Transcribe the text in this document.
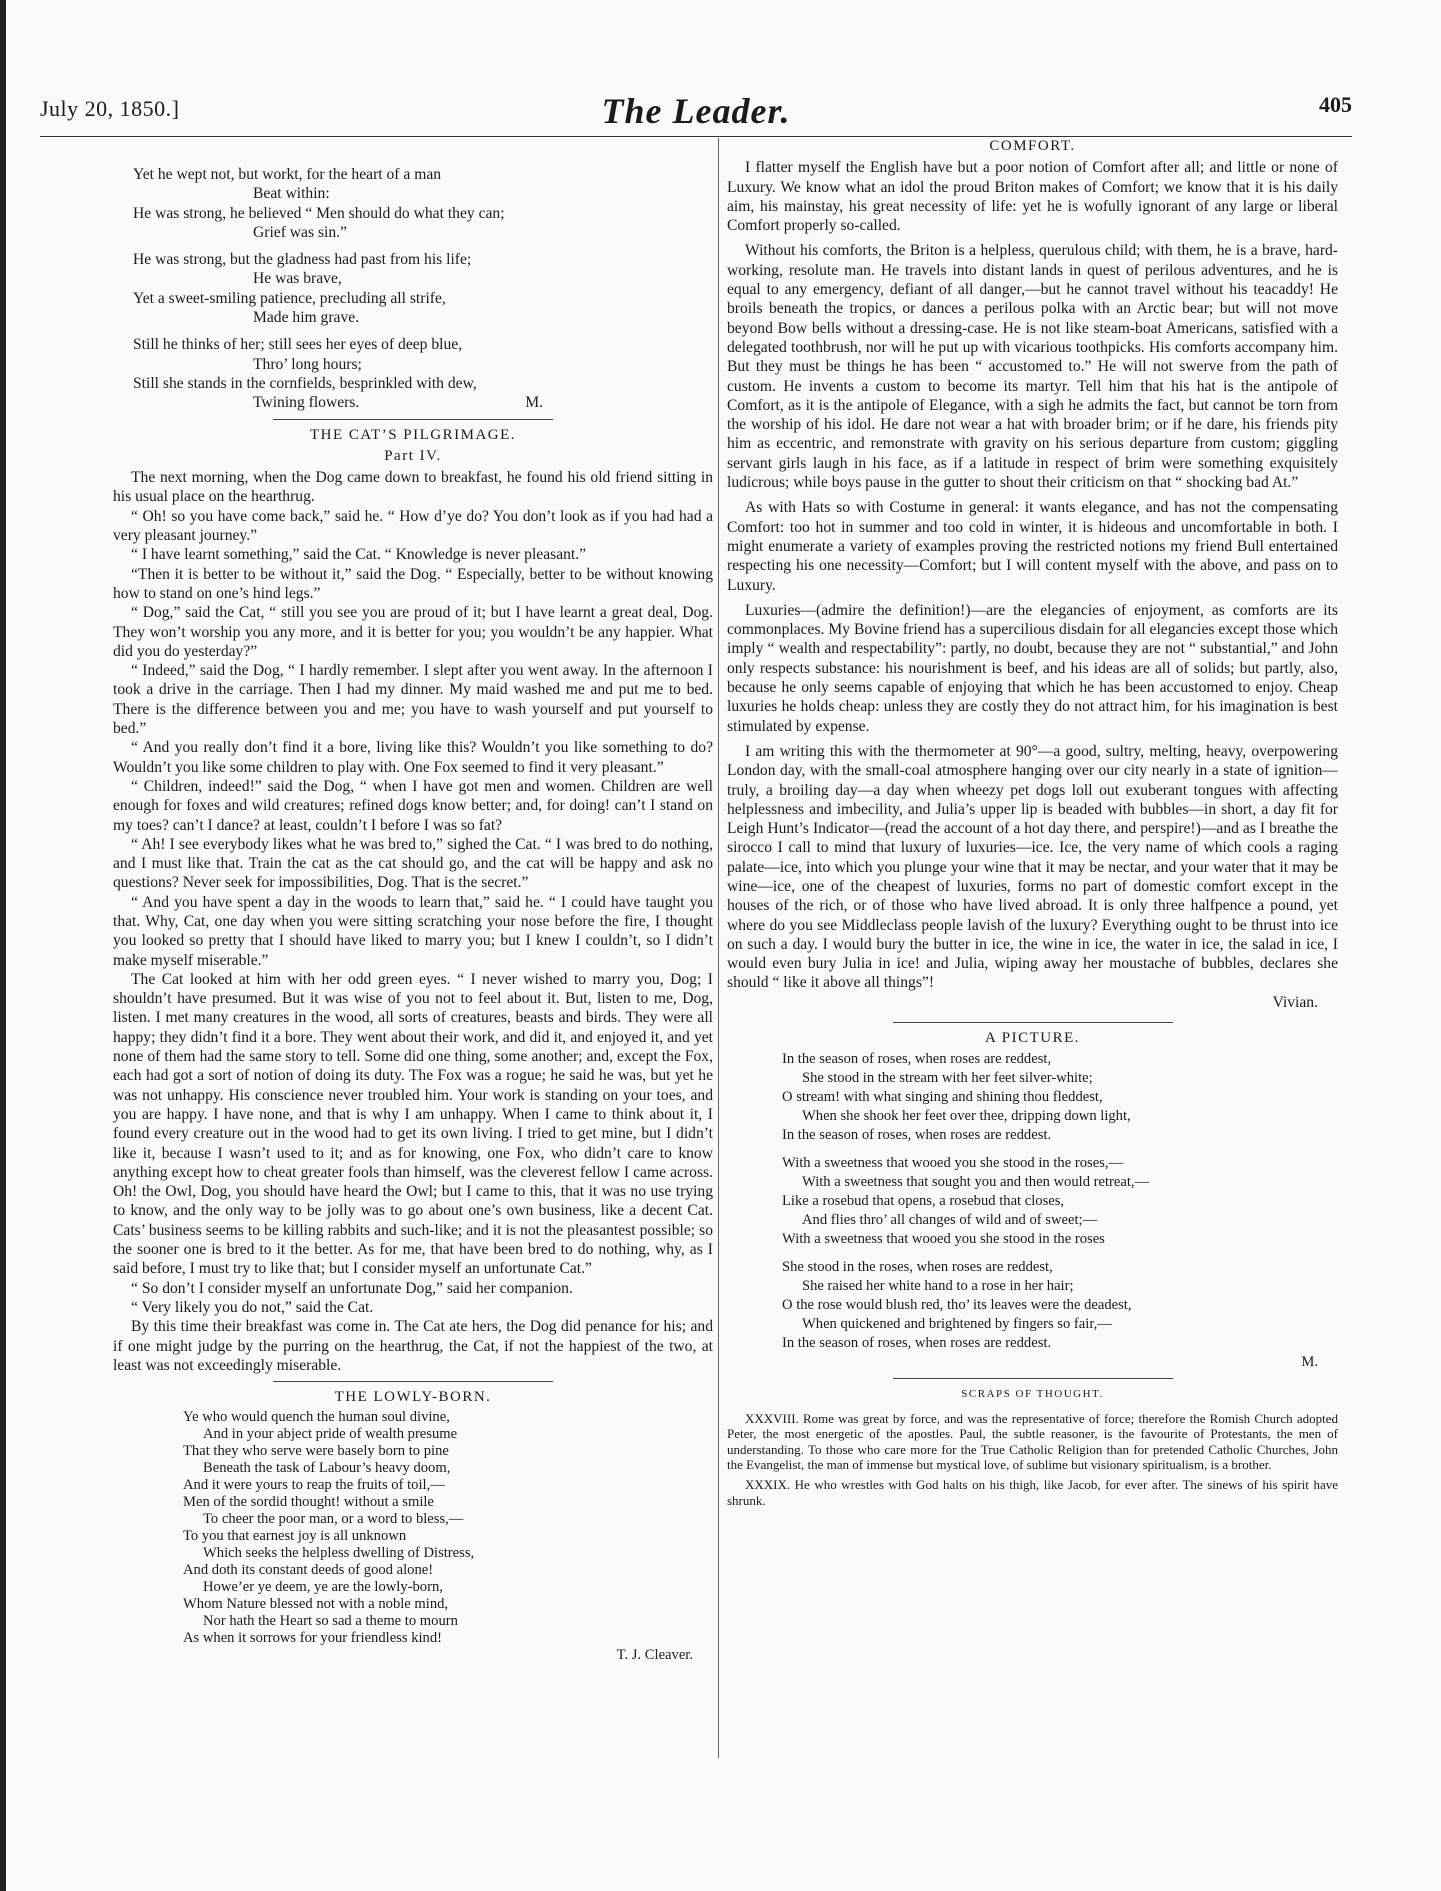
July 20, 1850.]	The Leader.	405
Yet he wept not, but workt, for the heart of a man
Beat within:
He was strong, he believed “ Men should do what they can;
Grief was sin.”
He was strong, but the gladness had past from his life;
He was brave,
Yet a sweet-smiling patience, precluding all strife,
Made him grave.
Still he thinks of her; still sees her eyes of deep blue,
Thro’ long hours;
Still she stands in the cornfields, besprinkled with dew,
Twining flowers.	M.
THE CAT’S PILGRIMAGE.
Part IV.

The next morning, when the Dog came down to breakfast, he found his old friend sitting in his usual place on the hearthrug.

“ Oh! so you have come back,” said he. “ How d’ye do? You don’t look as if you had had a very pleasant journey.”

“ I have learnt something,” said the Cat. “ Knowledge is never pleasant.”

“Then it is better to be without it,” said the Dog. “ Especially, better to be without knowing how to stand on one’s hind legs.”

“ Dog,” said the Cat, “ still you see you are proud of it; but I have learnt a great deal, Dog. They won’t worship you any more, and it is better for you; you wouldn’t be any happier. What did you do yesterday?”

“ Indeed,” said the Dog, “ I hardly remember. I slept after you went away. In the afternoon I took a drive in the carriage. Then I had my dinner. My maid washed me and put me to bed. There is the difference between you and me; you have to wash yourself and put yourself to bed.”

“ And you really don’t find it a bore, living like this? Wouldn’t you like something to do? Wouldn’t you like some children to play with. One Fox seemed to find it very pleasant.”

“ Children, indeed!” said the Dog, “ when I have got men and women. Children are well enough for foxes and wild creatures; refined dogs know better; and, for doing! can’t I stand on my toes? can’t I dance? at least, couldn’t I before I was so fat?

“ Ah! I see everybody likes what he was bred to,” sighed the Cat. “ I was bred to do nothing, and I must like that. Train the cat as the cat should go, and the cat will be happy and ask no questions? Never seek for impossibilities, Dog. That is the secret.”

“ And you have spent a day in the woods to learn that,” said he. “ I could have taught you that. Why, Cat, one day when you were sitting scratching your nose before the fire, I thought you looked so pretty that I should have liked to marry you; but I knew I couldn’t, so I didn’t make myself miserable.”

The Cat looked at him with her odd green eyes. “ I never wished to marry you, Dog; I shouldn’t have presumed. But it was wise of you not to feel about it. But, listen to me, Dog, listen. I met many creatures in the wood, all sorts of creatures, beasts and birds. They were all happy; they didn’t find it a bore. They went about their work, and did it, and enjoyed it, and yet none of them had the same story to tell. Some did one thing, some another; and, except the Fox, each had got a sort of notion of doing its duty. The Fox was a rogue; he said he was, but yet he was not unhappy. His conscience never troubled him. Your work is standing on your toes, and you are happy. I have none, and that is why I am unhappy. When I came to think about it, I found every creature out in the wood had to get its own living. I tried to get mine, but I didn’t like it, because I wasn’t used to it; and as for knowing, one Fox, who didn’t care to know anything except how to cheat greater fools than himself, was the cleverest fellow I came across. Oh! the Owl, Dog, you should have heard the Owl; but I came to this, that it was no use trying to know, and the only way to be jolly was to go about one’s own business, like a decent Cat. Cats’ business seems to be killing rabbits and such-like; and it is not the pleasantest possible; so the sooner one is bred to it the better. As for me, that have been bred to do nothing, why, as I said before, I must try to like that; but I consider myself an unfortunate Cat.”

“ So don’t I consider myself an unfortunate Dog,” said her companion.

“ Very likely you do not,” said the Cat.

By this time their breakfast was come in. The Cat ate hers, the Dog did penance for his; and if one might judge by the purring on the hearthrug, the Cat, if not the happiest of the two, at least was not exceedingly miserable.

THE LOWLY-BORN.
Ye who would quench the human soul divine,
And in your abject pride of wealth presume
That they who serve were basely born to pine
Beneath the task of Labour’s heavy doom,
And it were yours to reap the fruits of toil,—
Men of the sordid thought! without a smile
To cheer the poor man, or a word to bless,—
To you that earnest joy is all unknown
Which seeks the helpless dwelling of Distress,
And doth its constant deeds of good alone!
Howe’er ye deem, ye are the lowly-born,
Whom Nature blessed not with a noble mind,
Nor hath the Heart so sad a theme to mourn
As when it sorrows for your friendless kind!
T. J. Cleaver.
COMFORT.

I flatter myself the English have but a poor notion of Comfort after all; and little or none of Luxury. We know what an idol the proud Briton makes of Comfort; we know that it is his daily aim, his mainstay, his great necessity of life: yet he is wofully ignorant of any large or liberal Comfort properly so-called.

Without his comforts, the Briton is a helpless, querulous child; with them, he is a brave, hard-working, resolute man. He travels into distant lands in quest of perilous adventures, and he is equal to any emergency, defiant of all danger,—but he cannot travel without his teacaddy! He broils beneath the tropics, or dances a perilous polka with an Arctic bear; but will not move beyond Bow bells without a dressing-case. He is not like steam-boat Americans, satisfied with a delegated toothbrush, nor will he put up with vicarious toothpicks. His comforts accompany him. But they must be things he has been “ accustomed to.” He will not swerve from the path of custom. He invents a custom to become its martyr. Tell him that his hat is the antipole of Comfort, as it is the antipole of Elegance, with a sigh he admits the fact, but cannot be torn from the worship of his idol. He dare not wear a hat with broader brim; or if he dare, his friends pity him as eccentric, and remonstrate with gravity on his serious departure from custom; giggling servant girls laugh in his face, as if a latitude in respect of brim were something exquisitely ludicrous; while boys pause in the gutter to shout their criticism on that “ shocking bad At.”

As with Hats so with Costume in general: it wants elegance, and has not the compensating Comfort: too hot in summer and too cold in winter, it is hideous and uncomfortable in both. I might enumerate a variety of examples proving the restricted notions my friend Bull entertained respecting his one necessity—Comfort; but I will content myself with the above, and pass on to Luxury.

Luxuries—(admire the definition!)—are the elegancies of enjoyment, as comforts are its commonplaces. My Bovine friend has a supercilious disdain for all elegancies except those which imply “ wealth and respectability”: partly, no doubt, because they are not “ substantial,” and John only respects substance: his nourishment is beef, and his ideas are all of solids; but partly, also, because he only seems capable of enjoying that which he has been accustomed to enjoy. Cheap luxuries he holds cheap: unless they are costly they do not attract him, for his imagination is best stimulated by expense.

I am writing this with the thermometer at 90°—a good, sultry, melting, heavy, overpowering London day, with the small-coal atmosphere hanging over our city nearly in a state of ignition—truly, a broiling day—a day when wheezy pet dogs loll out exuberant tongues with affecting helplessness and imbecility, and Julia’s upper lip is beaded with bubbles—in short, a day fit for Leigh Hunt’s Indicator—(read the account of a hot day there, and perspire!)—and as I breathe the sirocco I call to mind that luxury of luxuries—ice. Ice, the very name of which cools a raging palate—ice, into which you plunge your wine that it may be nectar, and your water that it may be wine—ice, one of the cheapest of luxuries, forms no part of domestic comfort except in the houses of the rich, or of those who have lived abroad. It is only three halfpence a pound, yet where do you see Middleclass people lavish of the luxury? Everything ought to be thrust into ice on such a day. I would bury the butter in ice, the wine in ice, the water in ice, the salad in ice, I would even bury Julia in ice! and Julia, wiping away her moustache of bubbles, declares she should “ like it above all things”!

Vivian.
A PICTURE.
In the season of roses, when roses are reddest,
She stood in the stream with her feet silver-white;
O stream! with what singing and shining thou fleddest,
When she shook her feet over thee, dripping down light,
In the season of roses, when roses are reddest.
With a sweetness that wooed you she stood in the roses,—
With a sweetness that sought you and then would retreat,—
Like a rosebud that opens, a rosebud that closes,
And flies thro’ all changes of wild and of sweet;—
With a sweetness that wooed you she stood in the roses
She stood in the roses, when roses are reddest,
She raised her white hand to a rose in her hair;
O the rose would blush red, tho’ its leaves were the deadest,
When quickened and brightened by fingers so fair,—
In the season of roses, when roses are reddest.
M.
SCRAPS OF THOUGHT.

XXXVIII. Rome was great by force, and was the representative of force; therefore the Romish Church adopted Peter, the most energetic of the apostles. Paul, the subtle reasoner, is the favourite of Protestants, the men of understanding. To those who care more for the True Catholic Religion than for pretended Catholic Churches, John the Evangelist, the man of immense but mystical love, of sublime but visionary spiritualism, is a brother.

XXXIX. He who wrestles with God halts on his thigh, like Jacob, for ever after. The sinews of his spirit have shrunk.
